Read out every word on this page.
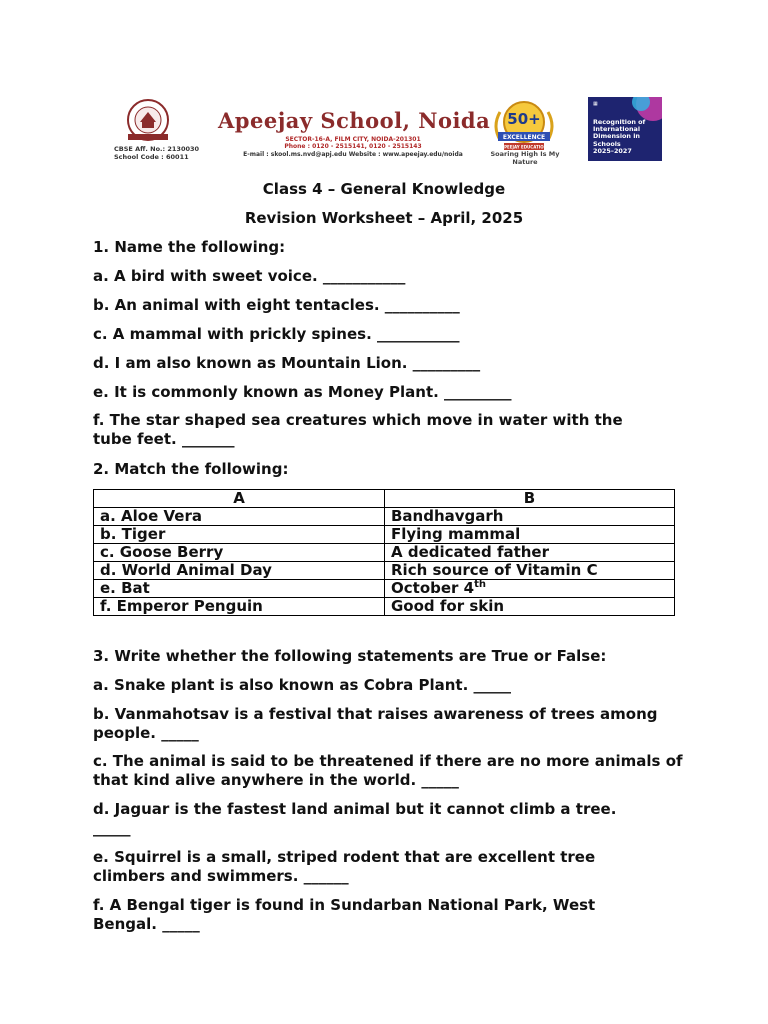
CBSE Aff. No.: 2130030
School Code : 60011
Apeejay School, Noida
SECTOR-16-A, FILM CITY, NOIDA-201301
Phone : 0120 - 2515141, 0120 - 2515143
E-mail : skool.ms.nvd@apj.edu Website : www.apeejay.edu/noida
50+
EXCELLENCE
APEEJAY EDUCATION
Soaring High Is My Nature
▦
Recognition of
International
Dimension in
Schools
2025–2027
Class 4 – General Knowledge
Revision Worksheet – April, 2025
1. Name the following:
a. A bird with sweet voice. ___________
b. An animal with eight tentacles. __________
c. A mammal with prickly spines. ___________
d. I am also known as Mountain Lion. _________
e. It is commonly known as Money Plant. _________
f. The star shaped sea creatures which move in water with the tube feet. _______
2. Match the following:
A	B
a. Aloe Vera	Bandhavgarh
b. Tiger	Flying mammal
c. Goose Berry	A dedicated father
d. World Animal Day	Rich source of Vitamin C
e. Bat	October 4th
f. Emperor Penguin	Good for skin
3. Write whether the following statements are True or False:
a. Snake plant is also known as Cobra Plant. _____
b. Vanmahotsav is a festival that raises awareness of trees among people. _____
c. The animal is said to be threatened if there are no more animals of that kind alive anywhere in the world. _____
d. Jaguar is the fastest land animal but it cannot climb a tree. _____
e. Squirrel is a small, striped rodent that are excellent tree climbers and swimmers. ______
f. A Bengal tiger is found in Sundarban National Park, West Bengal. _____
